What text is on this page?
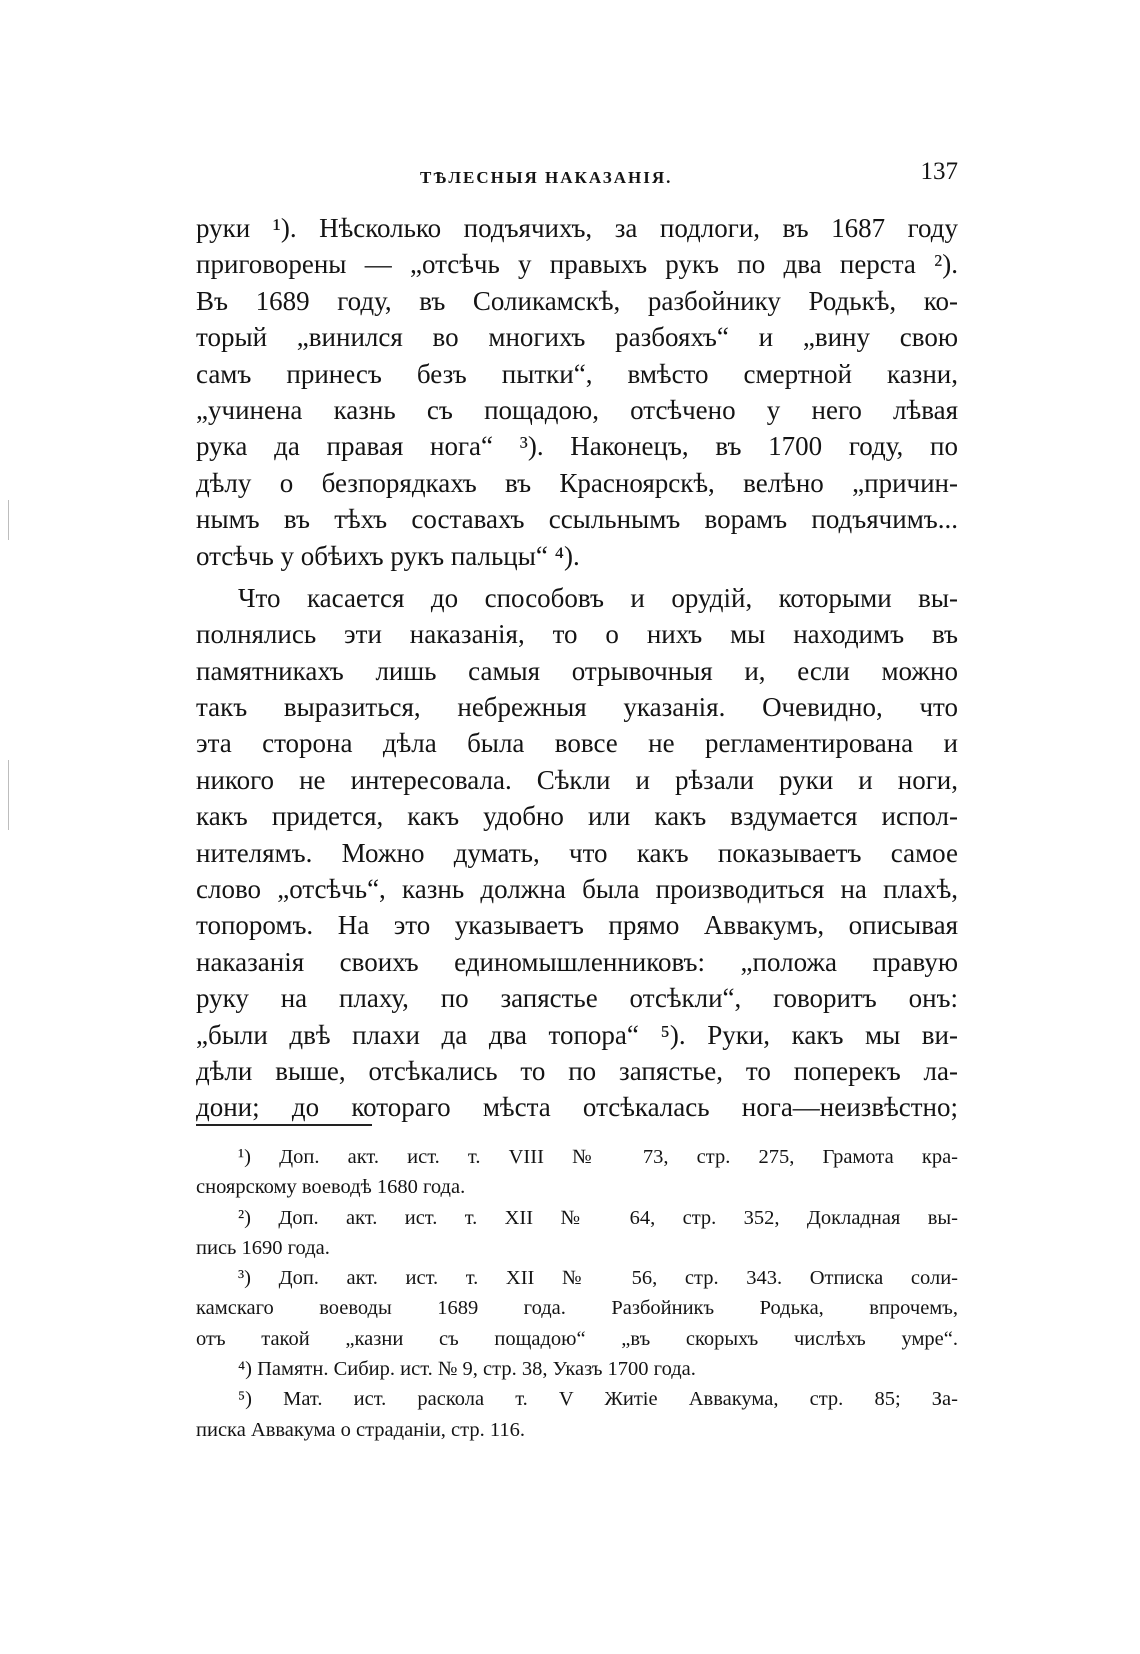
ТѢЛЕСНЫЯ НАКАЗАНІЯ.	137
руки ¹). Нѣсколько подъячихъ, за подлоги, въ 1687 году
приговорены — „отсѣчь у правыхъ рукъ по два перста ²).
Въ 1689 году, въ Соликамскѣ, разбойнику Родькѣ, ко-
торый „винился во многихъ разбояхъ“ и „вину свою
самъ принесъ безъ пытки“, вмѣсто смертной казни,
„учинена казнь съ пощадою, отсѣчено у него лѣвая
рука да правая нога“ ³). Наконецъ, въ 1700 году, по
дѣлу о безпорядкахъ въ Красноярскѣ, велѣно „причин-
нымъ въ тѣхъ составахъ ссыльнымъ ворамъ подъячимъ...
отсѣчь у обѣихъ рукъ пальцы“ ⁴).
Что касается до способовъ и орудій, которыми вы-
полнялись эти наказанія, то о нихъ мы находимъ въ
памятникахъ лишь самыя отрывочныя и, если можно
такъ выразиться, небрежныя указанія. Очевидно, что
эта сторона дѣла была вовсе не регламентирована и
никого не интересовала. Сѣкли и рѣзали руки и ноги,
какъ придется, какъ удобно или какъ вздумается испол-
нителямъ. Можно думать, что какъ показываетъ самое
слово „отсѣчь“, казнь должна была производиться на плахѣ,
топоромъ. На это указываетъ прямо Аввакумъ, описывая
наказанія своихъ единомышленниковъ: „положа правую
руку на плаху, по запястье отсѣкли“, говоритъ онъ:
„были двѣ плахи да два топора“ ⁵). Руки, какъ мы ви-
дѣли выше, отсѣкались то по запястье, то поперекъ ла-
дони; до котораго мѣста отсѣкалась нога—неизвѣстно;
¹) Доп. акт. ист. т. VIII № 73, стр. 275, Грамота кра-
сноярскому воеводѣ 1680 года.
²) Доп. акт. ист. т. XII № 64, стр. 352, Докладная вы-
пись 1690 года.
³) Доп. акт. ист. т. XII № 56, стр. 343. Отписка соли-
камскаго воеводы 1689 года. Разбойникъ Родька, впрочемъ,
отъ такой „казни съ пощадою“ „въ скорыхъ числѣхъ умре“.
⁴) Памятн. Сибир. ист. № 9, стр. 38, Указъ 1700 года.
⁵) Мат. ист. раскола т. V Житіе Аввакума, стр. 85; За-
писка Аввакума о страданіи, стр. 116.
